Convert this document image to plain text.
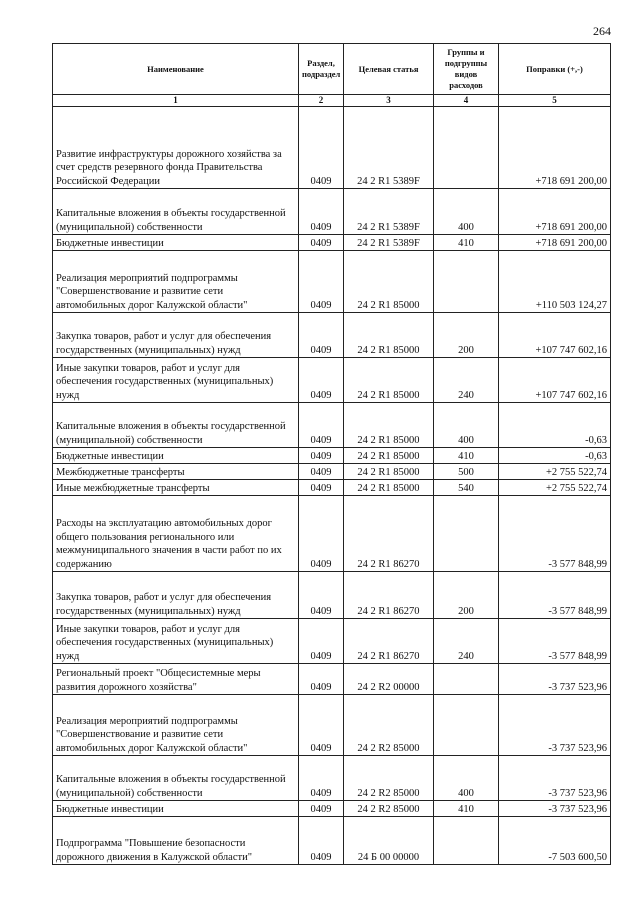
264
Наименование	Раздел, подраздел	Целевая статья	Группы и подгруппы видов расходов	Поправки (+,-)
1	2	3	4	5
Развитие инфраструктуры дорожного хозяйства за счет средств резервного фонда Правительства Российской Федерации	0409	24 2 R1 5389F		+718 691 200,00
Капитальные вложения в объекты государственной (муниципальной) собственности	0409	24 2 R1 5389F	400	+718 691 200,00
Бюджетные инвестиции	0409	24 2 R1 5389F	410	+718 691 200,00
Реализация мероприятий подпрограммы "Совершенствование и развитие сети автомобильных дорог Калужской области"	0409	24 2 R1 85000		+110 503 124,27
Закупка товаров, работ и услуг для обеспечения государственных (муниципальных) нужд	0409	24 2 R1 85000	200	+107 747 602,16
Иные закупки товаров, работ и услуг для обеспечения государственных (муниципальных) нужд	0409	24 2 R1 85000	240	+107 747 602,16
Капитальные вложения в объекты государственной (муниципальной) собственности	0409	24 2 R1 85000	400	-0,63
Бюджетные инвестиции	0409	24 2 R1 85000	410	-0,63
Межбюджетные трансферты	0409	24 2 R1 85000	500	+2 755 522,74
Иные межбюджетные трансферты	0409	24 2 R1 85000	540	+2 755 522,74
Расходы на эксплуатацию автомобильных дорог общего пользования регионального или межмуниципального значения в части работ по их содержанию	0409	24 2 R1 86270		-3 577 848,99
Закупка товаров, работ и услуг для обеспечения государственных (муниципальных) нужд	0409	24 2 R1 86270	200	-3 577 848,99
Иные закупки товаров, работ и услуг для обеспечения государственных (муниципальных) нужд	0409	24 2 R1 86270	240	-3 577 848,99
Региональный проект "Общесистемные меры развития дорожного хозяйства"	0409	24 2 R2 00000		-3 737 523,96
Реализация мероприятий подпрограммы "Совершенствование и развитие сети автомобильных дорог Калужской области"	0409	24 2 R2 85000		-3 737 523,96
Капитальные вложения в объекты государственной (муниципальной) собственности	0409	24 2 R2 85000	400	-3 737 523,96
Бюджетные инвестиции	0409	24 2 R2 85000	410	-3 737 523,96
Подпрограмма "Повышение безопасности дорожного движения в Калужской области"	0409	24 Б 00 00000		-7 503 600,50
